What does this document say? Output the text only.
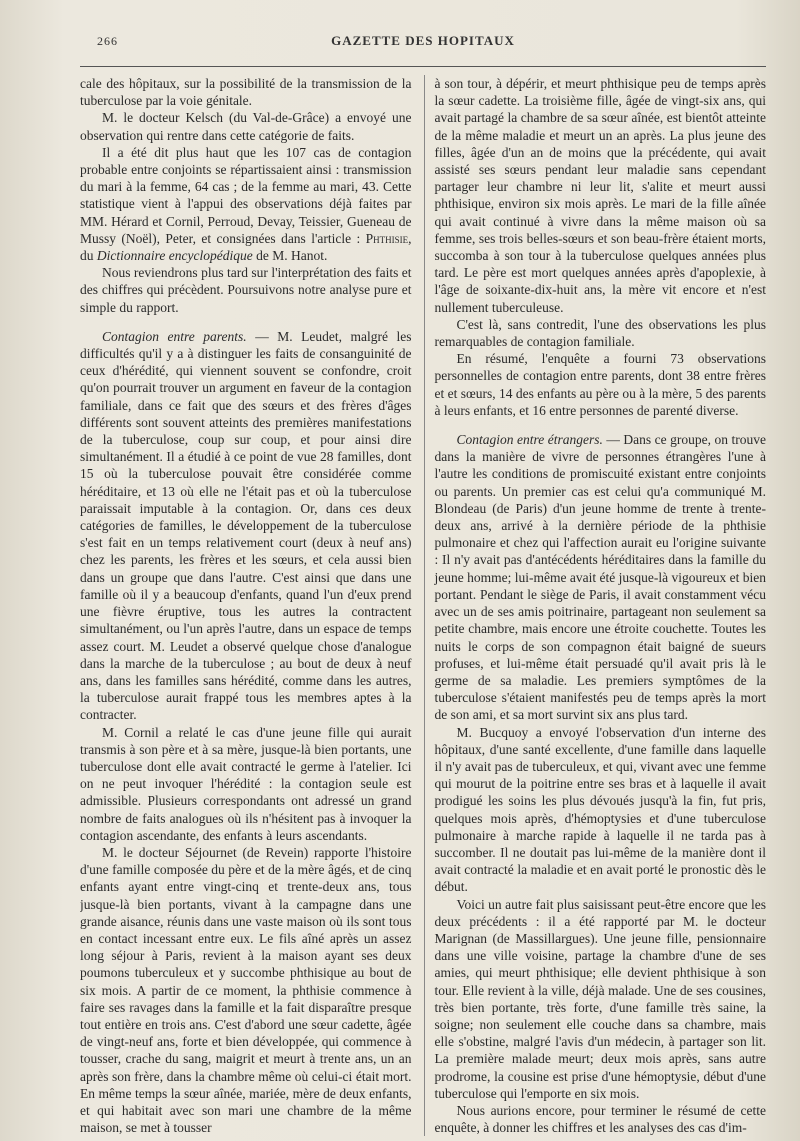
266	GAZETTE DES HOPITAUX

cale des hôpitaux, sur la possibilité de la transmission de la tuberculose par la voie génitale.

M. le docteur Kelsch (du Val-de-Grâce) a envoyé une observation qui rentre dans cette catégorie de faits.

Il a été dit plus haut que les 107 cas de contagion probable entre conjoints se répartissaient ainsi : transmission du mari à la femme, 64 cas ; de la femme au mari, 43. Cette statistique vient à l'appui des observations déjà faites par MM. Hérard et Cornil, Perroud, Devay, Teissier, Gueneau de Mussy (Noël), Peter, et consignées dans l'article : Phthisie, du Dictionnaire encyclopédique de M. Hanot.

Nous reviendrons plus tard sur l'interprétation des faits et des chiffres qui précèdent. Poursuivons notre analyse pure et simple du rapport.

Contagion entre parents. — M. Leudet, malgré les difficultés qu'il y a à distinguer les faits de consanguinité de ceux d'hérédité, qui viennent souvent se confondre, croit qu'on pourrait trouver un argument en faveur de la contagion familiale, dans ce fait que des sœurs et des frères d'âges différents sont souvent atteints des premières manifestations de la tuberculose, coup sur coup, et pour ainsi dire simultanément. Il a étudié à ce point de vue 28 familles, dont 15 où la tuberculose pouvait être considérée comme héréditaire, et 13 où elle ne l'était pas et où la tuberculose paraissait imputable à la contagion. Or, dans ces deux catégories de familles, le développement de la tuberculose s'est fait en un temps relativement court (deux à neuf ans) chez les parents, les frères et les sœurs, et cela aussi bien dans un groupe que dans l'autre. C'est ainsi que dans une famille où il y a beaucoup d'enfants, quand l'un d'eux prend une fièvre éruptive, tous les autres la contractent simultanément, ou l'un après l'autre, dans un espace de temps assez court. M. Leudet a observé quelque chose d'analogue dans la marche de la tuberculose ; au bout de deux à neuf ans, dans les familles sans hérédité, comme dans les autres, la tuberculose aurait frappé tous les membres aptes à la contracter.

M. Cornil a relaté le cas d'une jeune fille qui aurait transmis à son père et à sa mère, jusque-là bien portants, une tuberculose dont elle avait contracté le germe à l'atelier. Ici on ne peut invoquer l'hérédité : la contagion seule est admissible. Plusieurs correspondants ont adressé un grand nombre de faits analogues où ils n'hésitent pas à invoquer la contagion ascendante, des enfants à leurs ascendants.

M. le docteur Séjournet (de Revein) rapporte l'histoire d'une famille composée du père et de la mère âgés, et de cinq enfants ayant entre vingt-cinq et trente-deux ans, tous jusque-là bien portants, vivant à la campagne dans une grande aisance, réunis dans une vaste maison où ils sont tous en contact incessant entre eux. Le fils aîné après un assez long séjour à Paris, revient à la maison ayant ses deux poumons tuberculeux et y succombe phthisique au bout de six mois. A partir de ce moment, la phthisie commence à faire ses ravages dans la famille et la fait disparaître presque tout entière en trois ans. C'est d'abord une sœur cadette, âgée de vingt-neuf ans, forte et bien développée, qui commence à tousser, crache du sang, maigrit et meurt à trente ans, un an après son frère, dans la chambre même où celui-ci était mort. En même temps la sœur aînée, mariée, mère de deux enfants, et qui habitait avec son mari une chambre de la même maison, se met à tousser

à son tour, à dépérir, et meurt phthisique peu de temps après la sœur cadette. La troisième fille, âgée de vingt-six ans, qui avait partagé la chambre de sa sœur aînée, est bientôt atteinte de la même maladie et meurt un an après. La plus jeune des filles, âgée d'un an de moins que la précédente, qui avait assisté ses sœurs pendant leur maladie sans cependant partager leur chambre ni leur lit, s'alite et meurt aussi phthisique, environ six mois après. Le mari de la fille aînée qui avait continué à vivre dans la même maison où sa femme, ses trois belles-sœurs et son beau-frère étaient morts, succomba à son tour à la tuberculose quelques années plus tard. Le père est mort quelques années après d'apoplexie, à l'âge de soixante-dix-huit ans, la mère vit encore et n'est nullement tuberculeuse.

C'est là, sans contredit, l'une des observations les plus remarquables de contagion familiale.

En résumé, l'enquête a fourni 73 observations personnelles de contagion entre parents, dont 38 entre frères et et sœurs, 14 des enfants au père ou à la mère, 5 des parents à leurs enfants, et 16 entre personnes de parenté diverse.

Contagion entre étrangers. — Dans ce groupe, on trouve dans la manière de vivre de personnes étrangères l'une à l'autre les conditions de promiscuité existant entre conjoints ou parents. Un premier cas est celui qu'a communiqué M. Blondeau (de Paris) d'un jeune homme de trente à trente-deux ans, arrivé à la dernière période de la phthisie pulmonaire et chez qui l'affection aurait eu l'origine suivante : Il n'y avait pas d'antécédents héréditaires dans la famille du jeune homme; lui-même avait été jusque-là vigoureux et bien portant. Pendant le siège de Paris, il avait constamment vécu avec un de ses amis poitrinaire, partageant non seulement sa petite chambre, mais encore une étroite couchette. Toutes les nuits le corps de son compagnon était baigné de sueurs profuses, et lui-même était persuadé qu'il avait pris là le germe de sa maladie. Les premiers symptômes de la tuberculose s'étaient manifestés peu de temps après la mort de son ami, et sa mort survint six ans plus tard.

M. Bucquoy a envoyé l'observation d'un interne des hôpitaux, d'une santé excellente, d'une famille dans laquelle il n'y avait pas de tuberculeux, et qui, vivant avec une femme qui mourut de la poitrine entre ses bras et à laquelle il avait prodigué les soins les plus dévoués jusqu'à la fin, fut pris, quelques mois après, d'hémoptysies et d'une tuberculose pulmonaire à marche rapide à laquelle il ne tarda pas à succomber. Il ne doutait pas lui-même de la manière dont il avait contracté la maladie et en avait porté le pronostic dès le début.

Voici un autre fait plus saisissant peut-être encore que les deux précédents : il a été rapporté par M. le docteur Marignan (de Massillargues). Une jeune fille, pensionnaire dans une ville voisine, partage la chambre d'une de ses amies, qui meurt phthisique; elle devient phthisique à son tour. Elle revient à la ville, déjà malade. Une de ses cousines, très bien portante, très forte, d'une famille très saine, la soigne; non seulement elle couche dans sa chambre, mais elle s'obstine, malgré l'avis d'un médecin, à partager son lit. La première malade meurt; deux mois après, sans autre prodrome, la cousine est prise d'une hémoptysie, début d'une tuberculose qui l'emporte en six mois.

Nous aurions encore, pour terminer le résumé de cette enquête, à donner les chiffres et les analyses des cas d'im-
